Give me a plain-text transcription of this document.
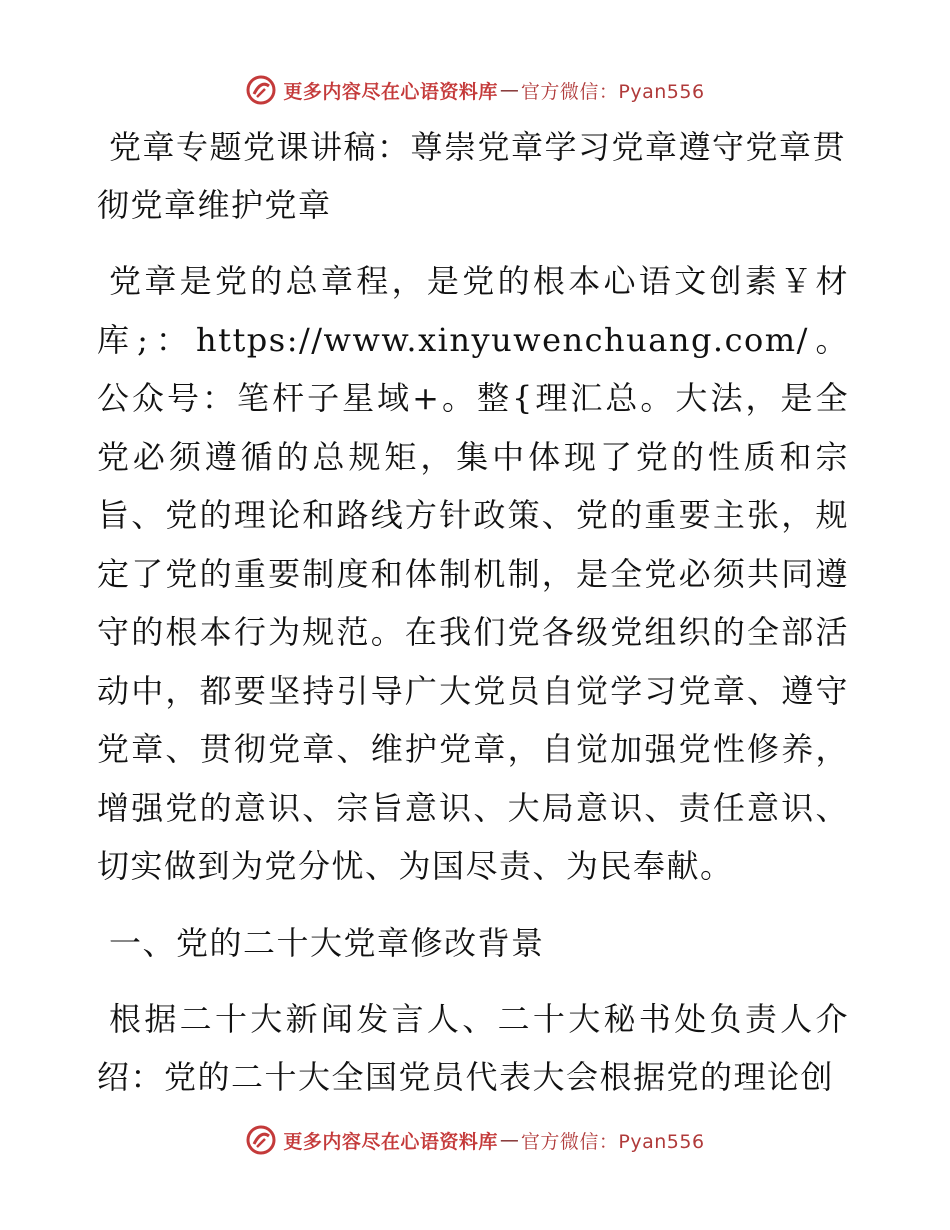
更多内容尽在心语资料库 — 官方微信：Pyan556
党章专题党课讲稿：尊崇党章学习党章遵守党章贯彻党章维护党章

党章是党的总章程，是党的根本心语文创素￥材库;：https://www.xinyuwenchuang.com/。公众号：笔杆子星域+。整{理汇总。大法，是全党必须遵循的总规矩，集中体现了党的性质和宗旨、党的理论和路线方针政策、党的重要主张，规定了党的重要制度和体制机制，是全党必须共同遵守的根本行为规范。在我们党各级党组织的全部活动中，都要坚持引导广大党员自觉学习党章、遵守党章、贯彻党章、维护党章，自觉加强党性修养，增强党的意识、宗旨意识、大局意识、责任意识、切实做到为党分忧、为国尽责、为民奉献。

一、党的二十大党章修改背景

根据二十大新闻发言人、二十大秘书处负责人介绍：党的二十大全国党员代表大会根据党的理论创

更多内容尽在心语资料库 — 官方微信：Pyan556
